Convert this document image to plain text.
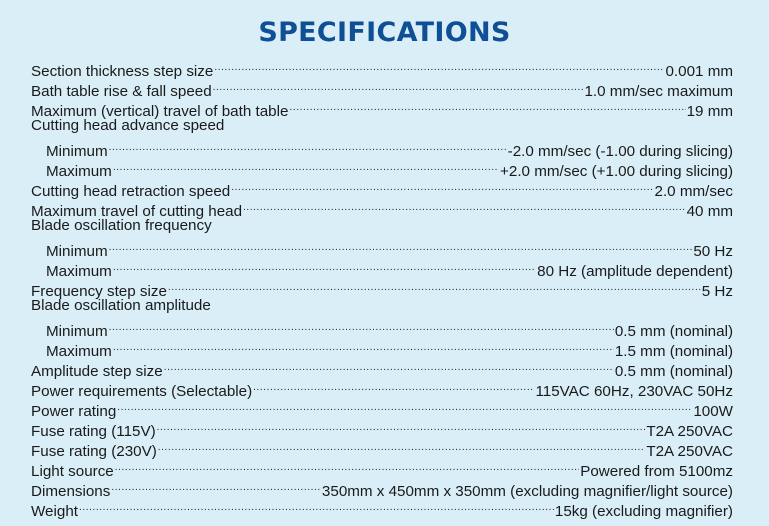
SPECIFICATIONS
Section thickness step size .....	0.001 mm
Bath table rise & fall speed .....	1.0 mm/sec maximum
Maximum (vertical) travel of bath table .....	19 mm
Cutting head advance speed
Minimum .....	-2.0 mm/sec (-1.00 during slicing)
Maximum .....	+2.0 mm/sec (+1.00 during slicing)
Cutting head retraction speed .....	2.0 mm/sec
Maximum travel of cutting head .....	40 mm
Blade oscillation frequency
Minimum .....	50 Hz
Maximum .....	80 Hz (amplitude dependent)
Frequency step size .....	5 Hz
Blade oscillation amplitude
Minimum .....	0.5 mm (nominal)
Maximum .....	1.5 mm (nominal)
Amplitude step size .....	0.5 mm (nominal)
Power requirements (Selectable) .....	115VAC 60Hz, 230VAC 50Hz
Power rating .....	100W
Fuse rating (115V) .....	T2A 250VAC
Fuse rating (230V) .....	T2A 250VAC
Light source .....	Powered from 5100mz
Dimensions .....	350mm x 450mm x 350mm (excluding magnifier/light source)
Weight .....	15kg (excluding magnifier)
